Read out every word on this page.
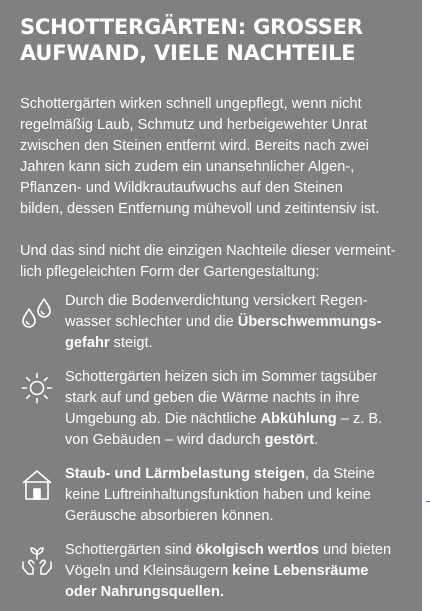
SCHOTTERGÄRTEN: GROSSER
AUFWAND, VIELE NACHTEILE

Schottergärten wirken schnell ungepflegt, wenn nicht
regelmäßig Laub, Schmutz und herbeigewehter Unrat
zwischen den Steinen entfernt wird. Bereits nach zwei
Jahren kann sich zudem ein unansehnlicher Algen-,
Pflanzen- und Wildkrautaufwuchs auf den Steinen
bilden, dessen Entfernung mühevoll und zeitintensiv ist.

Und das sind nicht die einzigen Nachteile dieser vermeint-
lich pflegeleichten Form der Gartengestaltung:

Durch die Bodenverdichtung versickert Regen-
wasser schlechter und die Überschwemmungs-
gefahr steigt.
Schottergärten heizen sich im Sommer tagsüber
stark auf und geben die Wärme nachts in ihre
Umgebung ab. Die nächtliche Abkühlung – z. B.
von Gebäuden – wird dadurch gestört.
Staub- und Lärmbelastung steigen, da Steine
keine Luftreinhaltungsfunktion haben und keine
Geräusche absorbieren können.
Schottergärten sind ökolgisch wertlos und bieten
Vögeln und Kleinsäugern keine Lebensräume
oder Nahrungsquellen.
